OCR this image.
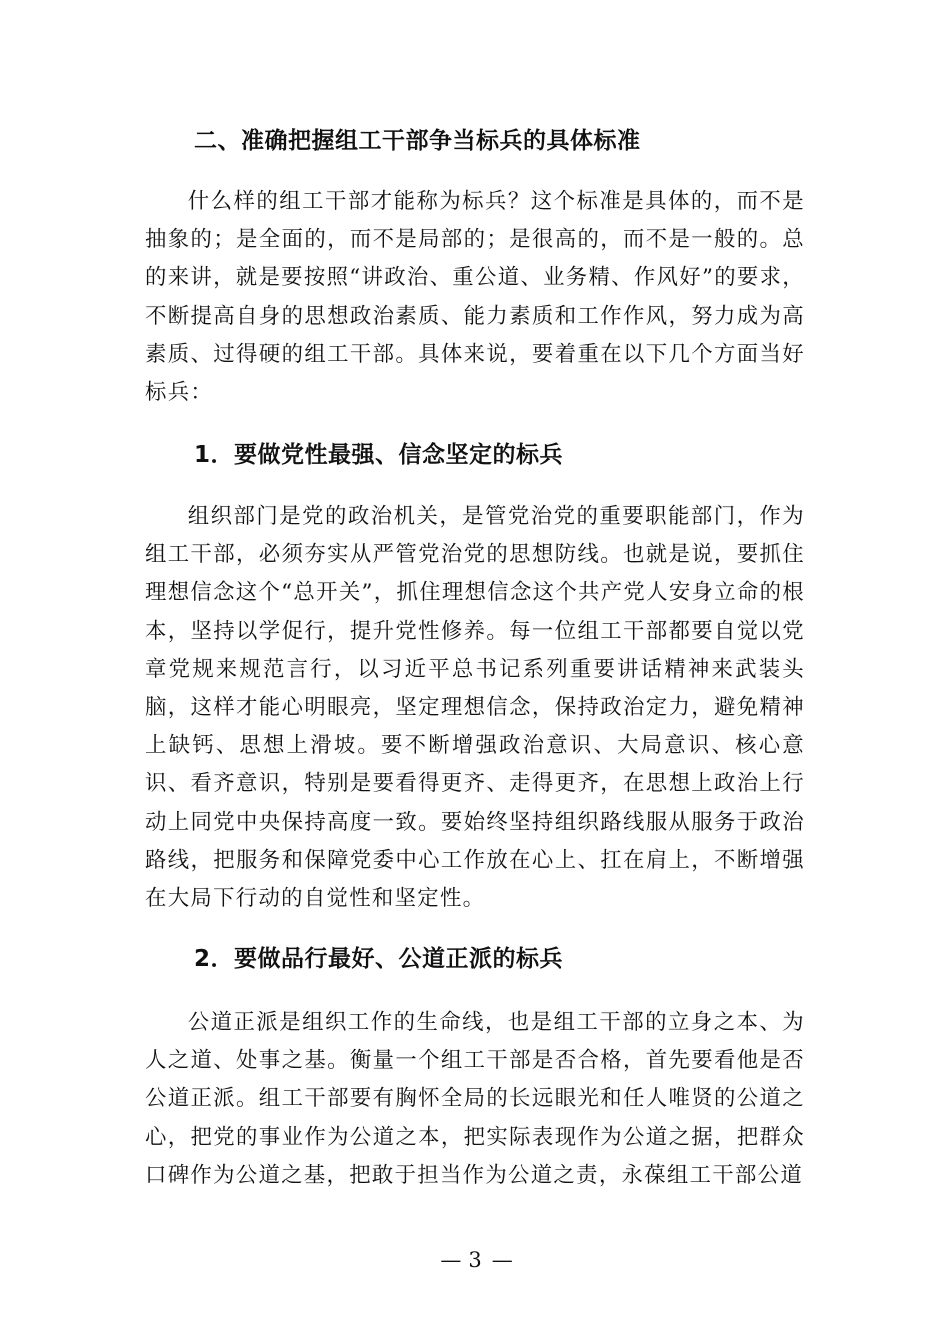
二、准确把握组工干部争当标兵的具体标准

什么样的组工干部才能称为标兵？这个标准是具体的，而不是抽象的；是全面的，而不是局部的；是很高的，而不是一般的。总的来讲，就是要按照“讲政治、重公道、业务精、作风好”的要求，不断提高自身的思想政治素质、能力素质和工作作风，努力成为高素质、过得硬的组工干部。具体来说，要着重在以下几个方面当好标兵：

1．要做党性最强、信念坚定的标兵

组织部门是党的政治机关，是管党治党的重要职能部门，作为组工干部，必须夯实从严管党治党的思想防线。也就是说，要抓住理想信念这个“总开关”，抓住理想信念这个共产党人安身立命的根本，坚持以学促行，提升党性修养。每一位组工干部都要自觉以党章党规来规范言行，以习近平总书记系列重要讲话精神来武装头脑，这样才能心明眼亮，坚定理想信念，保持政治定力，避免精神上缺钙、思想上滑坡。要不断增强政治意识、大局意识、核心意识、看齐意识，特别是要看得更齐、走得更齐，在思想上政治上行动上同党中央保持高度一致。要始终坚持组织路线服从服务于政治路线，把服务和保障党委中心工作放在心上、扛在肩上，不断增强在大局下行动的自觉性和坚定性。

2．要做品行最好、公道正派的标兵

公道正派是组织工作的生命线，也是组工干部的立身之本、为人之道、处事之基。衡量一个组工干部是否合格，首先要看他是否公道正派。组工干部要有胸怀全局的长远眼光和任人唯贤的公道之心，把党的事业作为公道之本，把实际表现作为公道之据，把群众口碑作为公道之基，把敢于担当作为公道之责，永葆组工干部公道

— 3 —
